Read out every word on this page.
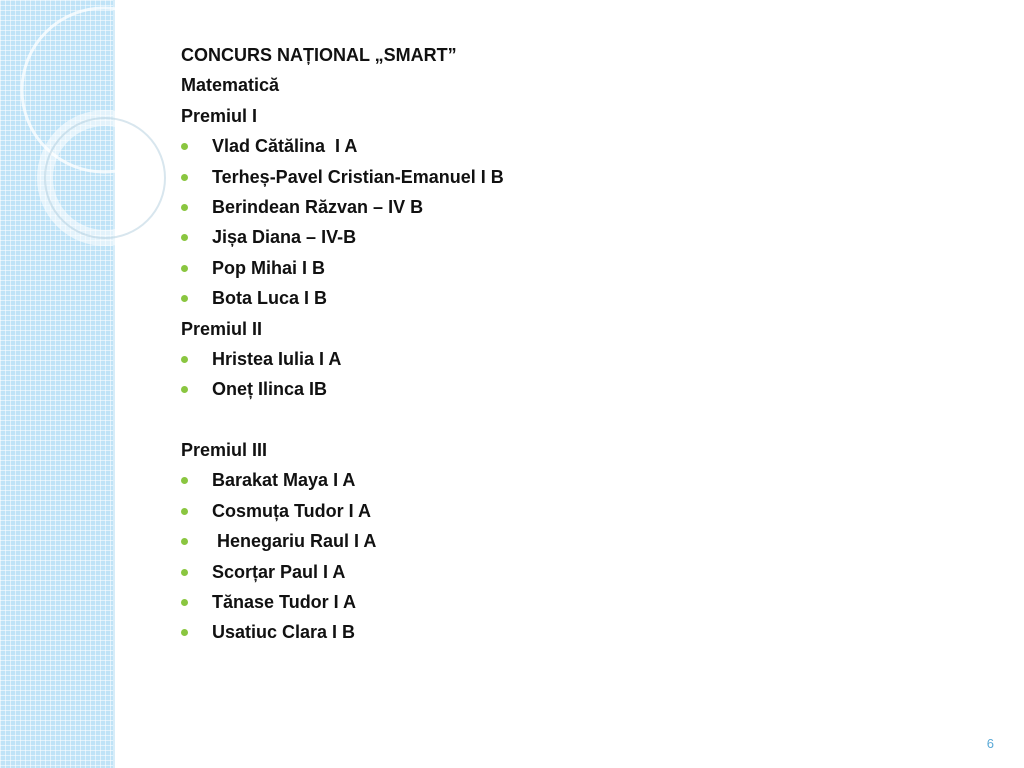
CONCURS NAȚIONAL „SMART”
Matematică
Premiul I
Vlad Cătălina  I A
Terheș-Pavel Cristian-Emanuel I B
Berindean Răzvan – IV B
Jișa Diana – IV-B
Pop Mihai I B
Bota Luca I B
Premiul II
Hristea Iulia I A
Oneț Ilinca IB
Premiul III
Barakat Maya I A
Cosmuța Tudor I A
Henegariu Raul I A
Scorțar Paul I A
Tănase Tudor I A
Usatiuc Clara I B
6
